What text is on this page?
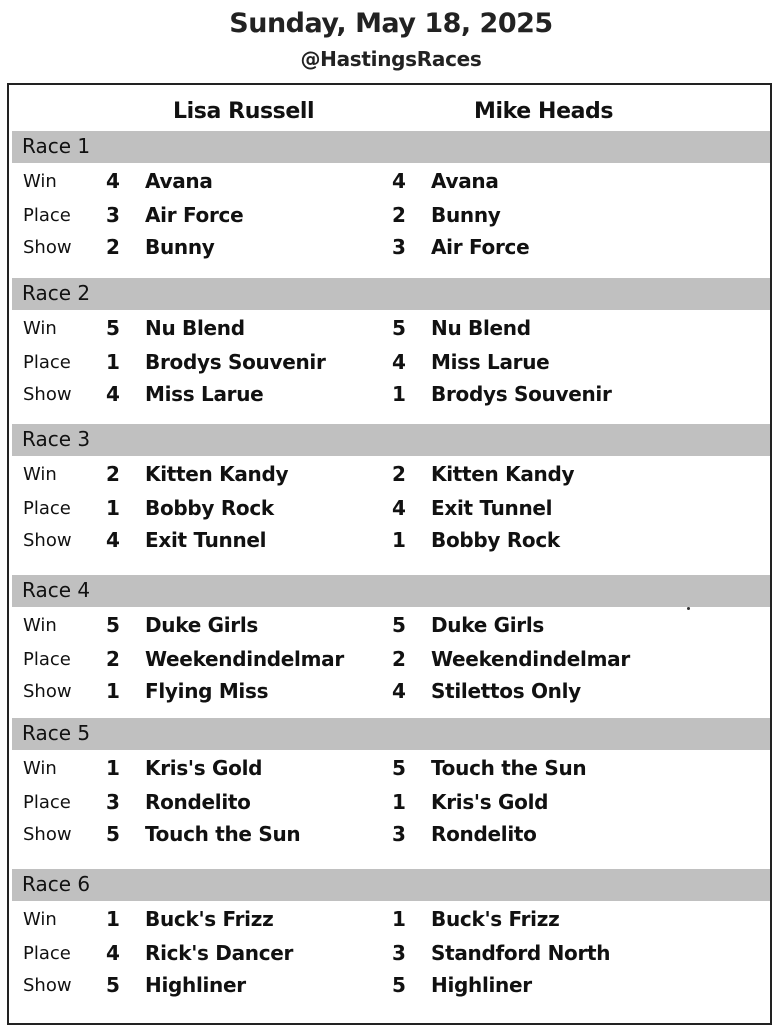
Sunday, May 18, 2025
@HastingsRaces
Lisa Russell	Mike Heads
Race 1
Win 4 Avana	4 Avana
Place 3 Air Force	2 Bunny
Show 2 Bunny	3 Air Force
Race 2
Win 5 Nu Blend	5 Nu Blend
Place 1 Brodys Souvenir	4 Miss Larue
Show 4 Miss Larue	1 Brodys Souvenir
Race 3
Win 2 Kitten Kandy	2 Kitten Kandy
Place 1 Bobby Rock	4 Exit Tunnel
Show 4 Exit Tunnel	1 Bobby Rock
Race 4
Win 5 Duke Girls	5 Duke Girls
Place 2 Weekendindelmar 2 Weekendindelmar
Show 1 Flying Miss	4 Stilettos Only
Race 5
Win 1 Kris's Gold	5 Touch the Sun
Place 3 Rondelito	1 Kris's Gold
Show 5 Touch the Sun	3 Rondelito
Race 6
Win 1 Buck's Frizz	1 Buck's Frizz
Place 4 Rick's Dancer	3 Standford North
Show 5 Highliner	5 Highliner
